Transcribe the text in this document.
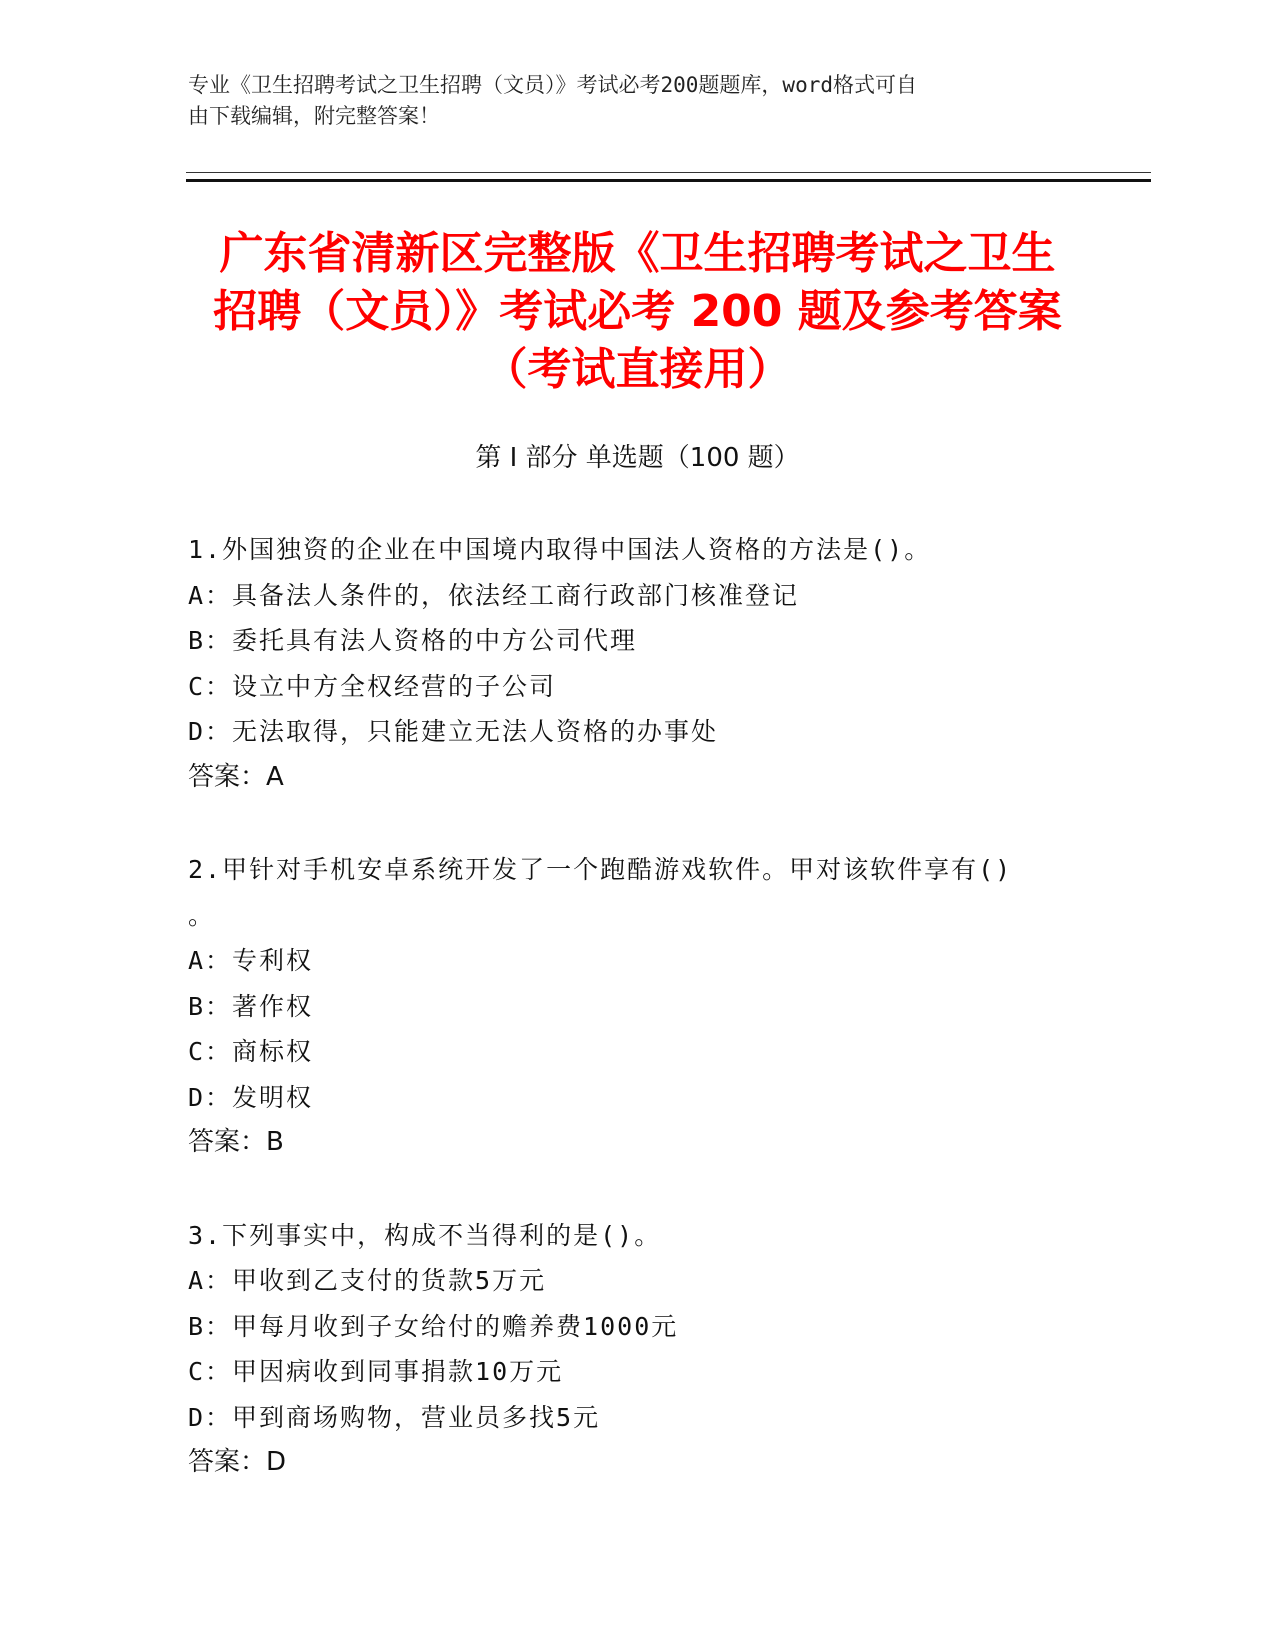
专业《卫生招聘考试之卫生招聘（文员）》考试必考200题题库，word格式可自
由下载编辑，附完整答案！
广东省清新区完整版《卫生招聘考试之卫生
招聘（文员）》考试必考 200 题及参考答案
（考试直接用）
第 I 部分 单选题（100 题）
1.外国独资的企业在中国境内取得中国法人资格的方法是()。
A：具备法人条件的，依法经工商行政部门核准登记
B：委托具有法人资格的中方公司代理
C：设立中方全权经营的子公司
D：无法取得，只能建立无法人资格的办事处
答案：A
2.甲针对手机安卓系统开发了一个跑酷游戏软件。甲对该软件享有()
。
A：专利权
B：著作权
C：商标权
D：发明权
答案：B
3.下列事实中，构成不当得利的是()。
A：甲收到乙支付的货款5万元
B：甲每月收到子女给付的赡养费1000元
C：甲因病收到同事捐款10万元
D：甲到商场购物，营业员多找5元
答案：D
